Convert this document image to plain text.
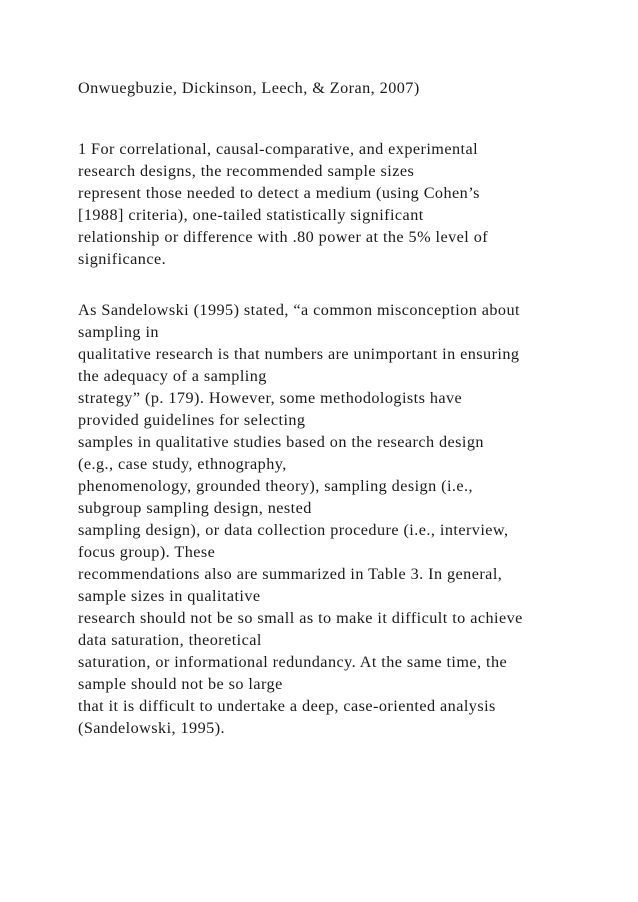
Onwuegbuzie, Dickinson, Leech, & Zoran, 2007)
1 For correlational, causal-comparative, and experimental
research designs, the recommended sample sizes
represent those needed to detect a medium (using Cohen’s
[1988] criteria), one-tailed statistically significant
relationship or difference with .80 power at the 5% level of
significance.
As Sandelowski (1995) stated, “a common misconception about
sampling in
qualitative research is that numbers are unimportant in ensuring
the adequacy of a sampling
strategy” (p. 179). However, some methodologists have
provided guidelines for selecting
samples in qualitative studies based on the research design
(e.g., case study, ethnography,
phenomenology, grounded theory), sampling design (i.e.,
subgroup sampling design, nested
sampling design), or data collection procedure (i.e., interview,
focus group). These
recommendations also are summarized in Table 3. In general,
sample sizes in qualitative
research should not be so small as to make it difficult to achieve
data saturation, theoretical
saturation, or informational redundancy. At the same time, the
sample should not be so large
that it is difficult to undertake a deep, case-oriented analysis
(Sandelowski, 1995).
